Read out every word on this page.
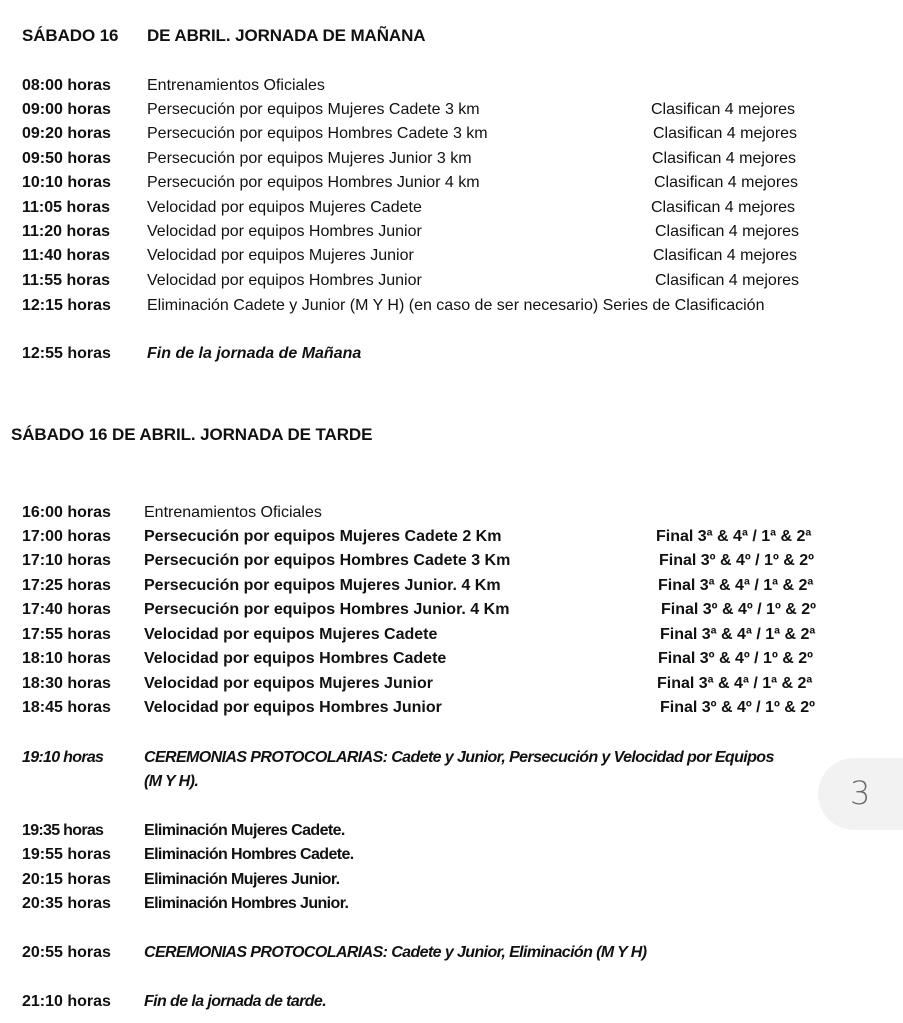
SÁBADO 16 DE ABRIL. JORNADA DE MAÑANA
08:00 horas Entrenamientos Oficiales
09:00 horas Persecución por equipos Mujeres Cadete 3 km	Clasifican 4 mejores
09:20 horas Persecución por equipos Hombres Cadete 3 km	Clasifican 4 mejores
09:50 horas Persecución por equipos Mujeres Junior 3 km	Clasifican 4 mejores
10:10 horas Persecución por equipos Hombres Junior 4 km	Clasifican 4 mejores
11:05 horas Velocidad por equipos Mujeres Cadete	Clasifican 4 mejores
11:20 horas Velocidad por equipos Hombres Junior	Clasifican 4 mejores
11:40 horas Velocidad por equipos Mujeres Junior	Clasifican 4 mejores
11:55 horas Velocidad por equipos Hombres Junior	Clasifican 4 mejores
12:15 horas Eliminación Cadete y Junior (M Y H) (en caso de ser necesario) Series de Clasificación
12:55 horas Fin de la jornada de Mañana
SÁBADO 16 DE ABRIL. JORNADA DE TARDE
16:00 horas Entrenamientos Oficiales
17:00 horas Persecución por equipos Mujeres Cadete 2 Km	Final 3ª & 4ª / 1ª & 2ª
17:10 horas Persecución por equipos Hombres Cadete 3 Km	Final 3º & 4º / 1º & 2º
17:25 horas Persecución por equipos Mujeres Junior. 4 Km	Final 3ª & 4ª / 1ª & 2ª
17:40 horas Persecución por equipos Hombres Junior. 4 Km	Final 3º & 4º / 1º & 2º
17:55 horas Velocidad por equipos Mujeres Cadete	Final 3ª & 4ª / 1ª & 2ª
18:10 horas Velocidad por equipos Hombres Cadete	Final 3º & 4º / 1º & 2º
18:30 horas Velocidad por equipos Mujeres Junior	Final 3ª & 4ª / 1ª & 2ª
18:45 horas Velocidad por equipos Hombres Junior	Final 3º & 4º / 1º & 2º
19:10 horas	CEREMONIAS PROTOCOLARIAS: Cadete y Junior, Persecución y Velocidad por Equipos
(M Y H).
19:35 horas	Eliminación Mujeres Cadete.
19:55 horas Eliminación Hombres Cadete.
20:15 horas Eliminación Mujeres Junior.
20:35 horas Eliminación Hombres Junior.
20:55 horas CEREMONIAS PROTOCOLARIAS: Cadete y Junior, Eliminación (M Y H)
21:10 horas Fin de la jornada de tarde.
3
